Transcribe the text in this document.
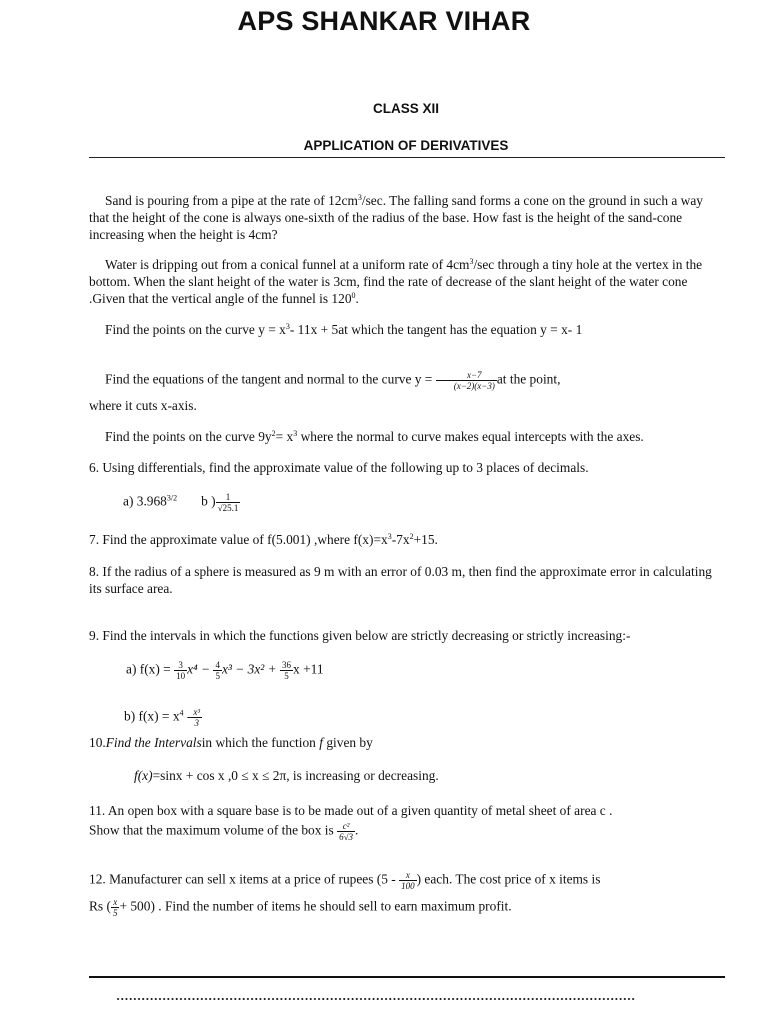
APS SHANKAR VIHAR
CLASS XII
APPLICATION OF DERIVATIVES
Sand is pouring from a pipe at the rate of $12cm^3/\sec$. The falling sand forms a cone on the ground in such a way that the height of the cone is always one-sixth of the radius of the base. How fast is the height of the sand-cone increasing when the height is 4cm?
Water is dripping out from a conical funnel at a uniform rate of $4cm^3/\sec$ through a tiny hole at the vertex in the bottom. When the slant height of the water is 3cm, find the rate of decrease of the slant height of the water cone .Given that the vertical angle of the funnel is $120^0$.
Find the points on the curve $y = x^3-$ 11x + 5at which the tangent has the equation y = x- 1
Find the equations of the tangent and normal to the curve $y = \frac{x-7}{(x-2)(x-3)}$ at the point,
where it cuts x-axis.
Find the points on the curve $9y^2= x^3$ where the normal to curve makes equal intercepts with the axes.
6. Using differentials, find the approximate value of the following up to 3 places of decimals.
a) $3.968^{3/2}$ b ) $\frac{1}{√25.1}$
7. Find the approximate value of f(5.001) ,where $f(x)=x^3-7x^2+15$.
8. If the radius of a sphere is measured as 9 m with an error of 0.03 m, then find the approximate error in calculating its surface area.
9. Find the intervals in which the functions given below are strictly decreasing or strictly increasing:-
a) $f(x) = \frac{3}{10} x^4 - \frac{4}{5} x^3 - 3x^2 + \frac{36}{5}$ x +11
b) $f(x) = x^4 - \frac{\text{x³}}{3}$
10.Find the Intervalsin which the function f given by
f(x)=sinx + cos x ,0 ≤ x ≤ 2π, is increasing or decreasing.
11. An open box with a square base is to be made out of a given quantity of metal sheet of area c .
Show that the maximum volume of the box is $\frac{\text{c²}}{6√3}$ .
12. Manufacturer can sell x items at a price of rupees ($5 - \frac{x}{100}$ ) each. The cost price of x items is
Rs ( $\frac{x}{5} + 500$) . Find the number of items he should sell to earn maximum profit.
